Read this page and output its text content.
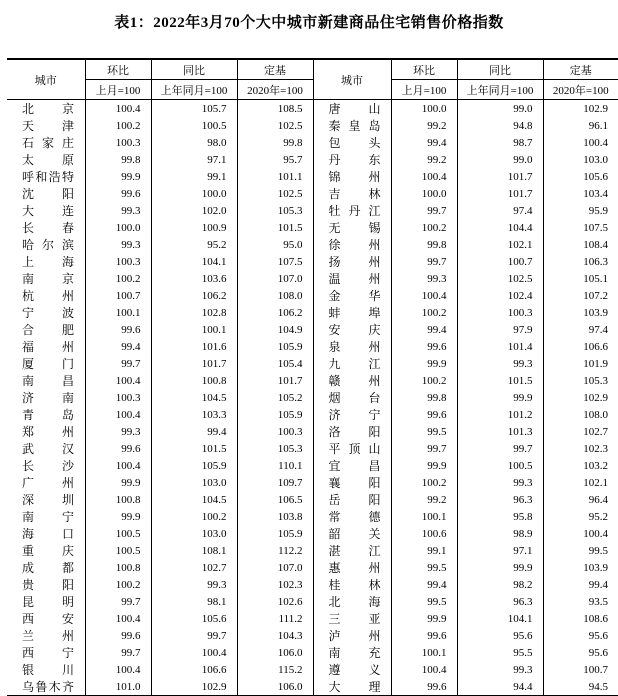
表1：2022年3月70个大中城市新建商品住宅销售价格指数
城市	环比	同比	定基	城市	环比	同比	定基
	上月=100	上年同月=100	2020年=100		上月=100	上年同月=100	2020年=100
北京	100.4	105.7	108.5	唐山	100.0	99.0	102.9
天津	100.2	100.5	102.5	秦皇岛	99.2	94.8	96.1
石家庄	100.3	98.0	99.8	包头	99.4	98.7	100.4
太原	99.8	97.1	95.7	丹东	99.2	99.0	103.0
呼和浩特	99.9	99.1	101.1	锦州	100.4	101.7	105.6
沈阳	99.6	100.0	102.5	吉林	100.0	101.7	103.4
大连	99.3	102.0	105.3	牡丹江	99.7	97.4	95.9
长春	100.0	100.9	101.5	无锡	100.2	104.4	107.5
哈尔滨	99.3	95.2	95.0	徐州	99.8	102.1	108.4
上海	100.3	104.1	107.5	扬州	99.7	100.7	106.3
南京	100.2	103.6	107.0	温州	99.3	102.5	105.1
杭州	100.7	106.2	108.0	金华	100.4	102.4	107.2
宁波	100.1	102.8	106.2	蚌埠	100.2	100.3	103.9
合肥	99.6	100.1	104.9	安庆	99.4	97.9	97.4
福州	99.4	101.6	105.9	泉州	99.6	101.4	106.6
厦门	99.7	101.7	105.4	九江	99.9	99.3	101.9
南昌	100.4	100.8	101.7	赣州	100.2	101.5	105.3
济南	100.3	104.5	105.2	烟台	99.8	99.9	102.9
青岛	100.4	103.3	105.9	济宁	99.6	101.2	108.0
郑州	99.3	99.4	100.3	洛阳	99.5	101.3	102.7
武汉	99.6	101.5	105.3	平顶山	99.7	99.7	102.3
长沙	100.4	105.9	110.1	宜昌	99.9	100.5	103.2
广州	99.9	103.0	109.7	襄阳	100.2	99.3	102.1
深圳	100.8	104.5	106.5	岳阳	99.2	96.3	96.4
南宁	99.9	100.2	103.8	常德	100.1	95.8	95.2
海口	100.5	103.0	105.9	韶关	100.6	98.9	100.4
重庆	100.5	108.1	112.2	湛江	99.1	97.1	99.5
成都	100.8	102.7	107.0	惠州	99.5	99.9	103.9
贵阳	100.2	99.3	102.3	桂林	99.4	98.2	99.4
昆明	99.7	98.1	102.6	北海	99.5	96.3	93.5
西安	100.4	105.6	111.2	三亚	99.9	104.1	108.6
兰州	99.6	99.7	104.3	泸州	99.6	95.6	95.6
西宁	99.7	100.4	106.0	南充	100.1	95.5	95.6
银川	100.4	106.6	115.2	遵义	100.4	99.3	100.7
乌鲁木齐	101.0	102.9	106.0	大理	99.6	94.4	94.5
